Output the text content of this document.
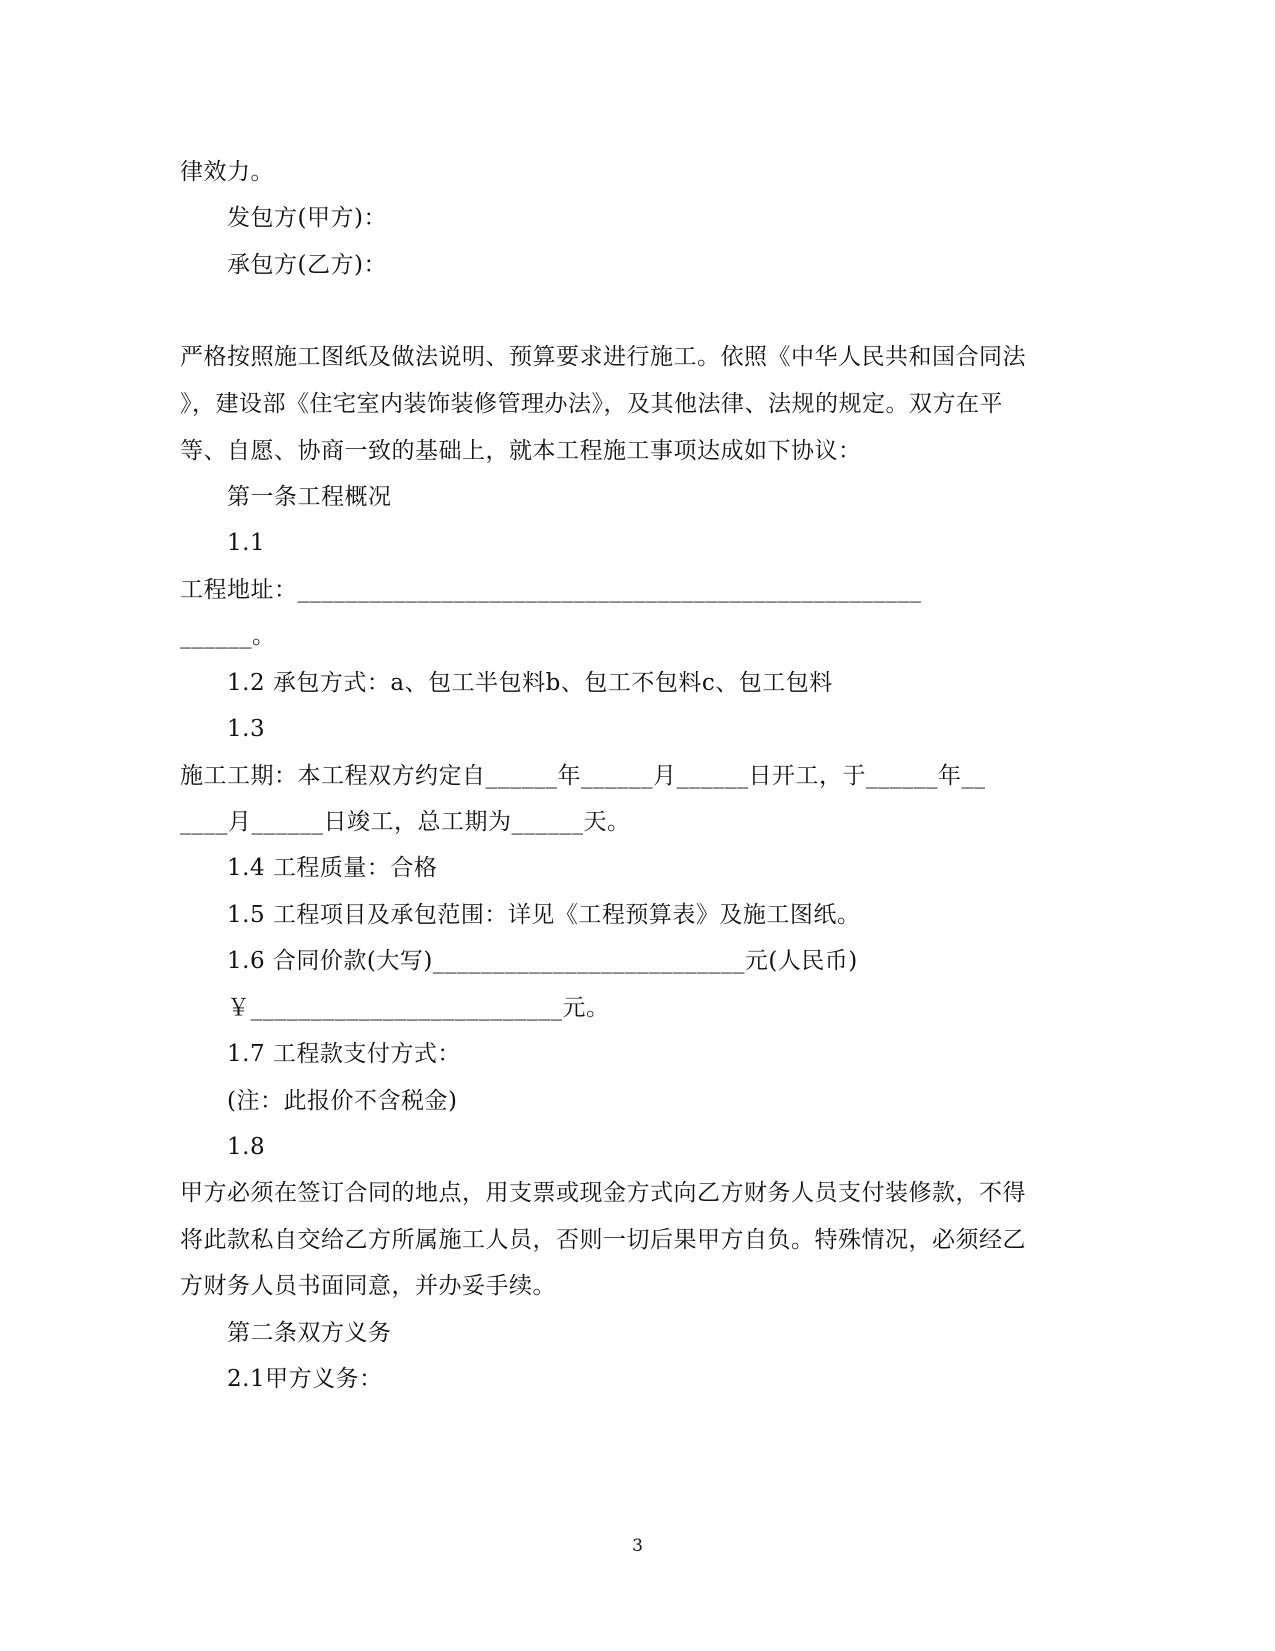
律效力。
发包方(甲方)：
承包方(乙方)：
严格按照施工图纸及做法说明、预算要求进行施工。依照《中华人民共和国合同法
》，建设部《住宅室内装饰装修管理办法》，及其他法律、法规的规定。双方在平
等、自愿、协商一致的基础上，就本工程施工事项达成如下协议：
第一条工程概况
1.1
工程地址：____________________________________________________
______。
1.2 承包方式：a、包工半包料b、包工不包料c、包工包料
1.3
施工工期：本工程双方约定自______年______月______日开工，于______年__
____月______日竣工，总工期为______天。
1.4 工程质量：合格
1.5 工程项目及承包范围：详见《工程预算表》及施工图纸。
1.6 合同价款(大写)__________________________元(人民币)
￥__________________________元。
1.7 工程款支付方式：
(注：此报价不含税金)
1.8
甲方必须在签订合同的地点，用支票或现金方式向乙方财务人员支付装修款，不得
将此款私自交给乙方所属施工人员，否则一切后果甲方自负。特殊情况，必须经乙
方财务人员书面同意，并办妥手续。
第二条双方义务
2.1甲方义务：
3
